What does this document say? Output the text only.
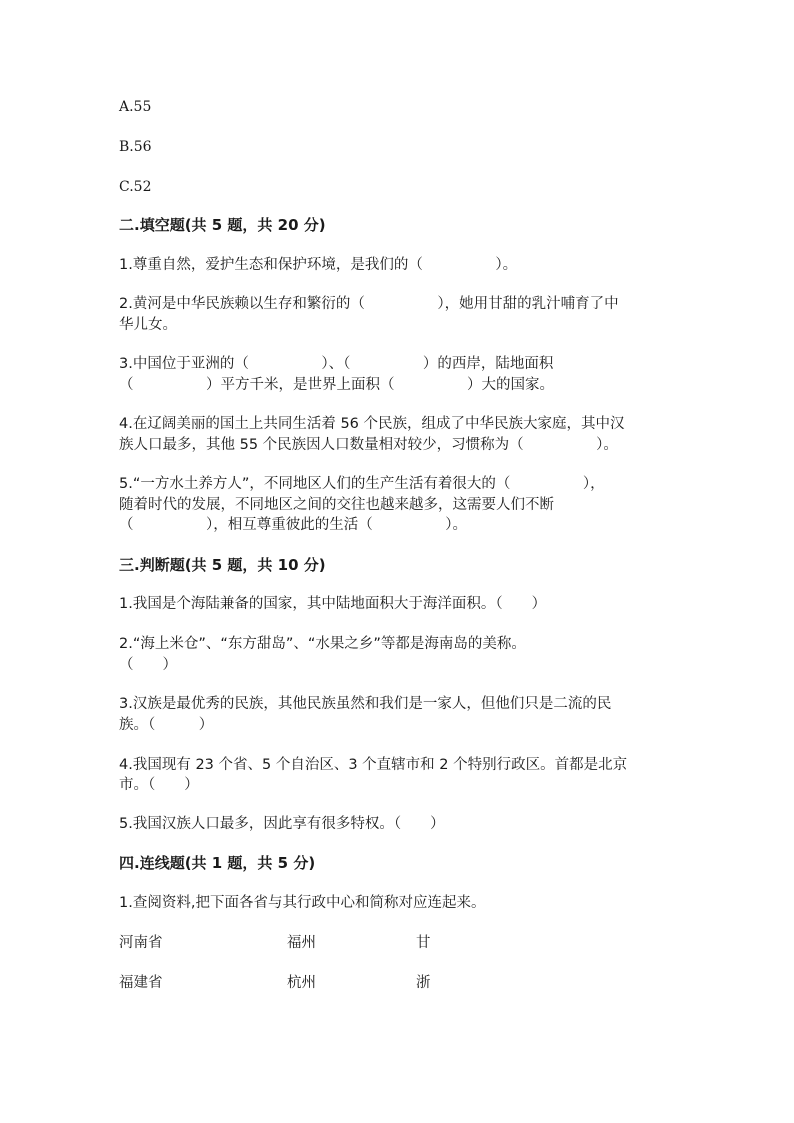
A.55
B.56
C.52
二.填空题(共 5 题，共 20 分)
1.尊重自然，爱护生态和保护环境，是我们的（　　　　　）。
2.黄河是中华民族赖以生存和繁衍的（　　　　　），她用甘甜的乳汁哺育了中
华儿女。
3.中国位于亚洲的（　　　　　）、（　　　　　）的西岸，陆地面积
（　　　　　）平方千米，是世界上面积（　　　　　）大的国家。
4.在辽阔美丽的国土上共同生活着 56 个民族，组成了中华民族大家庭，其中汉
族人口最多，其他 55 个民族因人口数量相对较少，习惯称为（　　　　　）。
5.“一方水土养方人”，不同地区人们的生产生活有着很大的（　　　　　），
随着时代的发展，不同地区之间的交往也越来越多，这需要人们不断
（　　　　　），相互尊重彼此的生活（　　　　　）。
三.判断题(共 5 题，共 10 分)
1.我国是个海陆兼备的国家，其中陆地面积大于海洋面积。（　　）
2.“海上米仓”、“东方甜岛”、“水果之乡”等都是海南岛的美称。
（　　）
3.汉族是最优秀的民族，其他民族虽然和我们是一家人，但他们只是二流的民
族。（　　　）
4.我国现有 23 个省、5 个自治区、3 个直辖市和 2 个特别行政区。首都是北京
市。（　　）
5.我国汉族人口最多，因此享有很多特权。（　　）
四.连线题(共 1 题，共 5 分)
1.查阅资料,把下面各省与其行政中心和简称对应连起来。
河南省	福州	甘
福建省	杭州	浙
